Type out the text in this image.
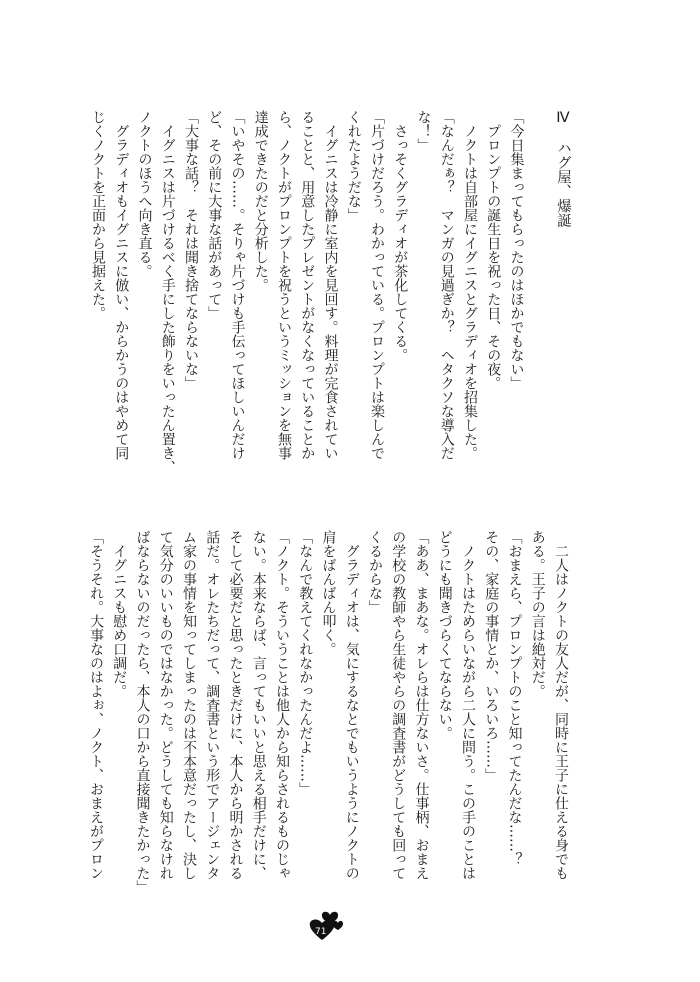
Ⅳ　ハグ屋、爆誕

「今日集まってもらったのはほかでもない」
　プロンプトの誕生日を祝った日、その夜。
　ノクトは自部屋にイグニスとグラディオを招集した。
「なんだぁ？　マンガの見過ぎか？　ヘタクソな導入だ
な！」
　さっそくグラディオが茶化してくる。
「片づけだろう。わかっている。プロンプトは楽しんで
くれたようだな」
　イグニスは冷静に室内を見回す。料理が完食されてい
ることと、用意したプレゼントがなくなっていることか
ら、ノクトがプロンプトを祝うというミッションを無事
達成できたのだと分析した。
「いやその……。そりゃ片づけも手伝ってほしいんだけ
ど、その前に大事な話があって」
「大事な話？　それは聞き捨てならないな」
　イグニスは片づけるべく手にした飾りをいったん置き、
ノクトのほうへ向き直る。
　グラディオもイグニスに倣い、からかうのはやめて同
じくノクトを正面から見据えた。
　二人はノクトの友人だが、同時に王子に仕える身でも
ある。王子の言は絶対だ。
「おまえら、プロンプトのこと知ってたんだな……？
その、家庭の事情とか、いろいろ……」
　ノクトはためらいながら二人に問う。この手のことは
どうにも聞きづらくてならない。
「ああ、まあな。オレらは仕方ないさ。仕事柄、おまえ
の学校の教師やら生徒やらの調査書がどうしても回って
くるからな」
　グラディオは、気にするなとでもいうようにノクトの
肩をばんばん叩く。
「なんで教えてくれなかったんだよ……」
「ノクト。そういうことは他人から知らされるものじゃ
ない。本来ならば、言ってもいいと思える相手だけに、
そして必要だと思ったときだけに、本人から明かされる
話だ。オレたちだって、調査書という形でアージェンタ
ム家の事情を知ってしまったのは不本意だったし、決し
て気分のいいものではなかった。どうしても知らなけれ
ばならないのだったら、本人の口から直接聞きたかった」
　イグニスも慰め口調だ。
「そうそれ。大事なのはよぉ、ノクト、おまえがプロン
71
